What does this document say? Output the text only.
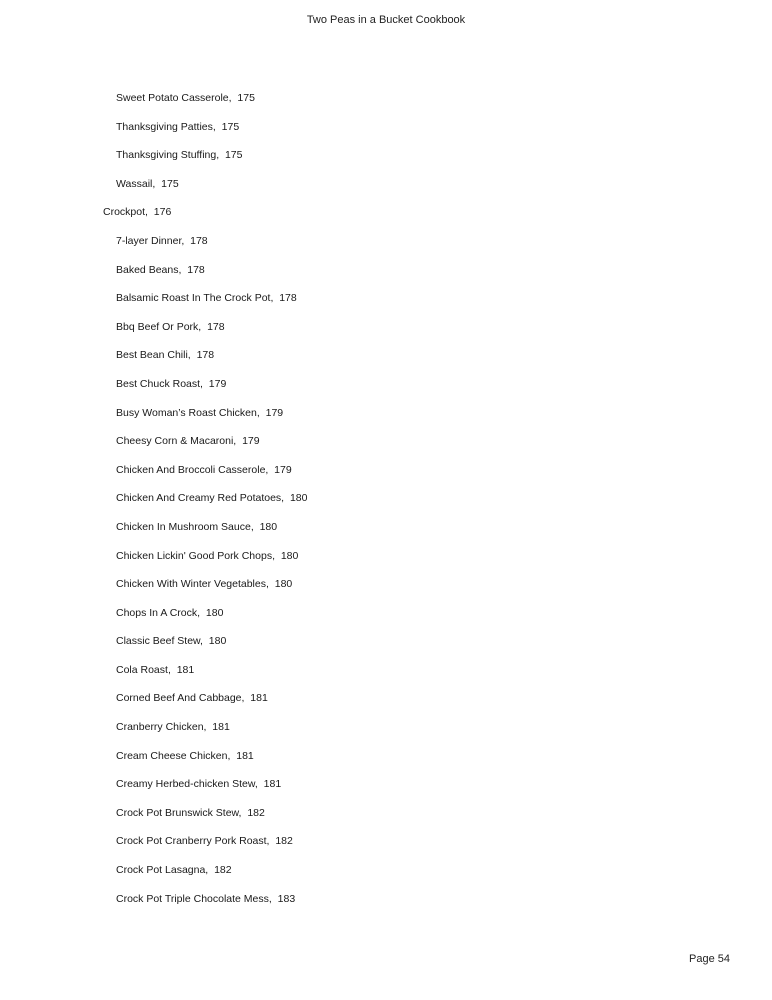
Two Peas in a Bucket Cookbook
Sweet Potato Casserole, 175
Thanksgiving Patties, 175
Thanksgiving Stuffing, 175
Wassail, 175
Crockpot, 176
7-layer Dinner, 178
Baked Beans, 178
Balsamic Roast In The Crock Pot, 178
Bbq Beef Or Pork, 178
Best Bean Chili, 178
Best Chuck Roast, 179
Busy Woman’s Roast Chicken, 179
Cheesy Corn & Macaroni, 179
Chicken And Broccoli Casserole, 179
Chicken And Creamy Red Potatoes, 180
Chicken In Mushroom Sauce, 180
Chicken Lickin' Good Pork Chops, 180
Chicken With Winter Vegetables, 180
Chops In A Crock, 180
Classic Beef Stew, 180
Cola Roast, 181
Corned Beef And Cabbage, 181
Cranberry Chicken, 181
Cream Cheese Chicken, 181
Creamy Herbed-chicken Stew, 181
Crock Pot Brunswick Stew, 182
Crock Pot Cranberry Pork Roast, 182
Crock Pot Lasagna, 182
Crock Pot Triple Chocolate Mess, 183
Page 54
